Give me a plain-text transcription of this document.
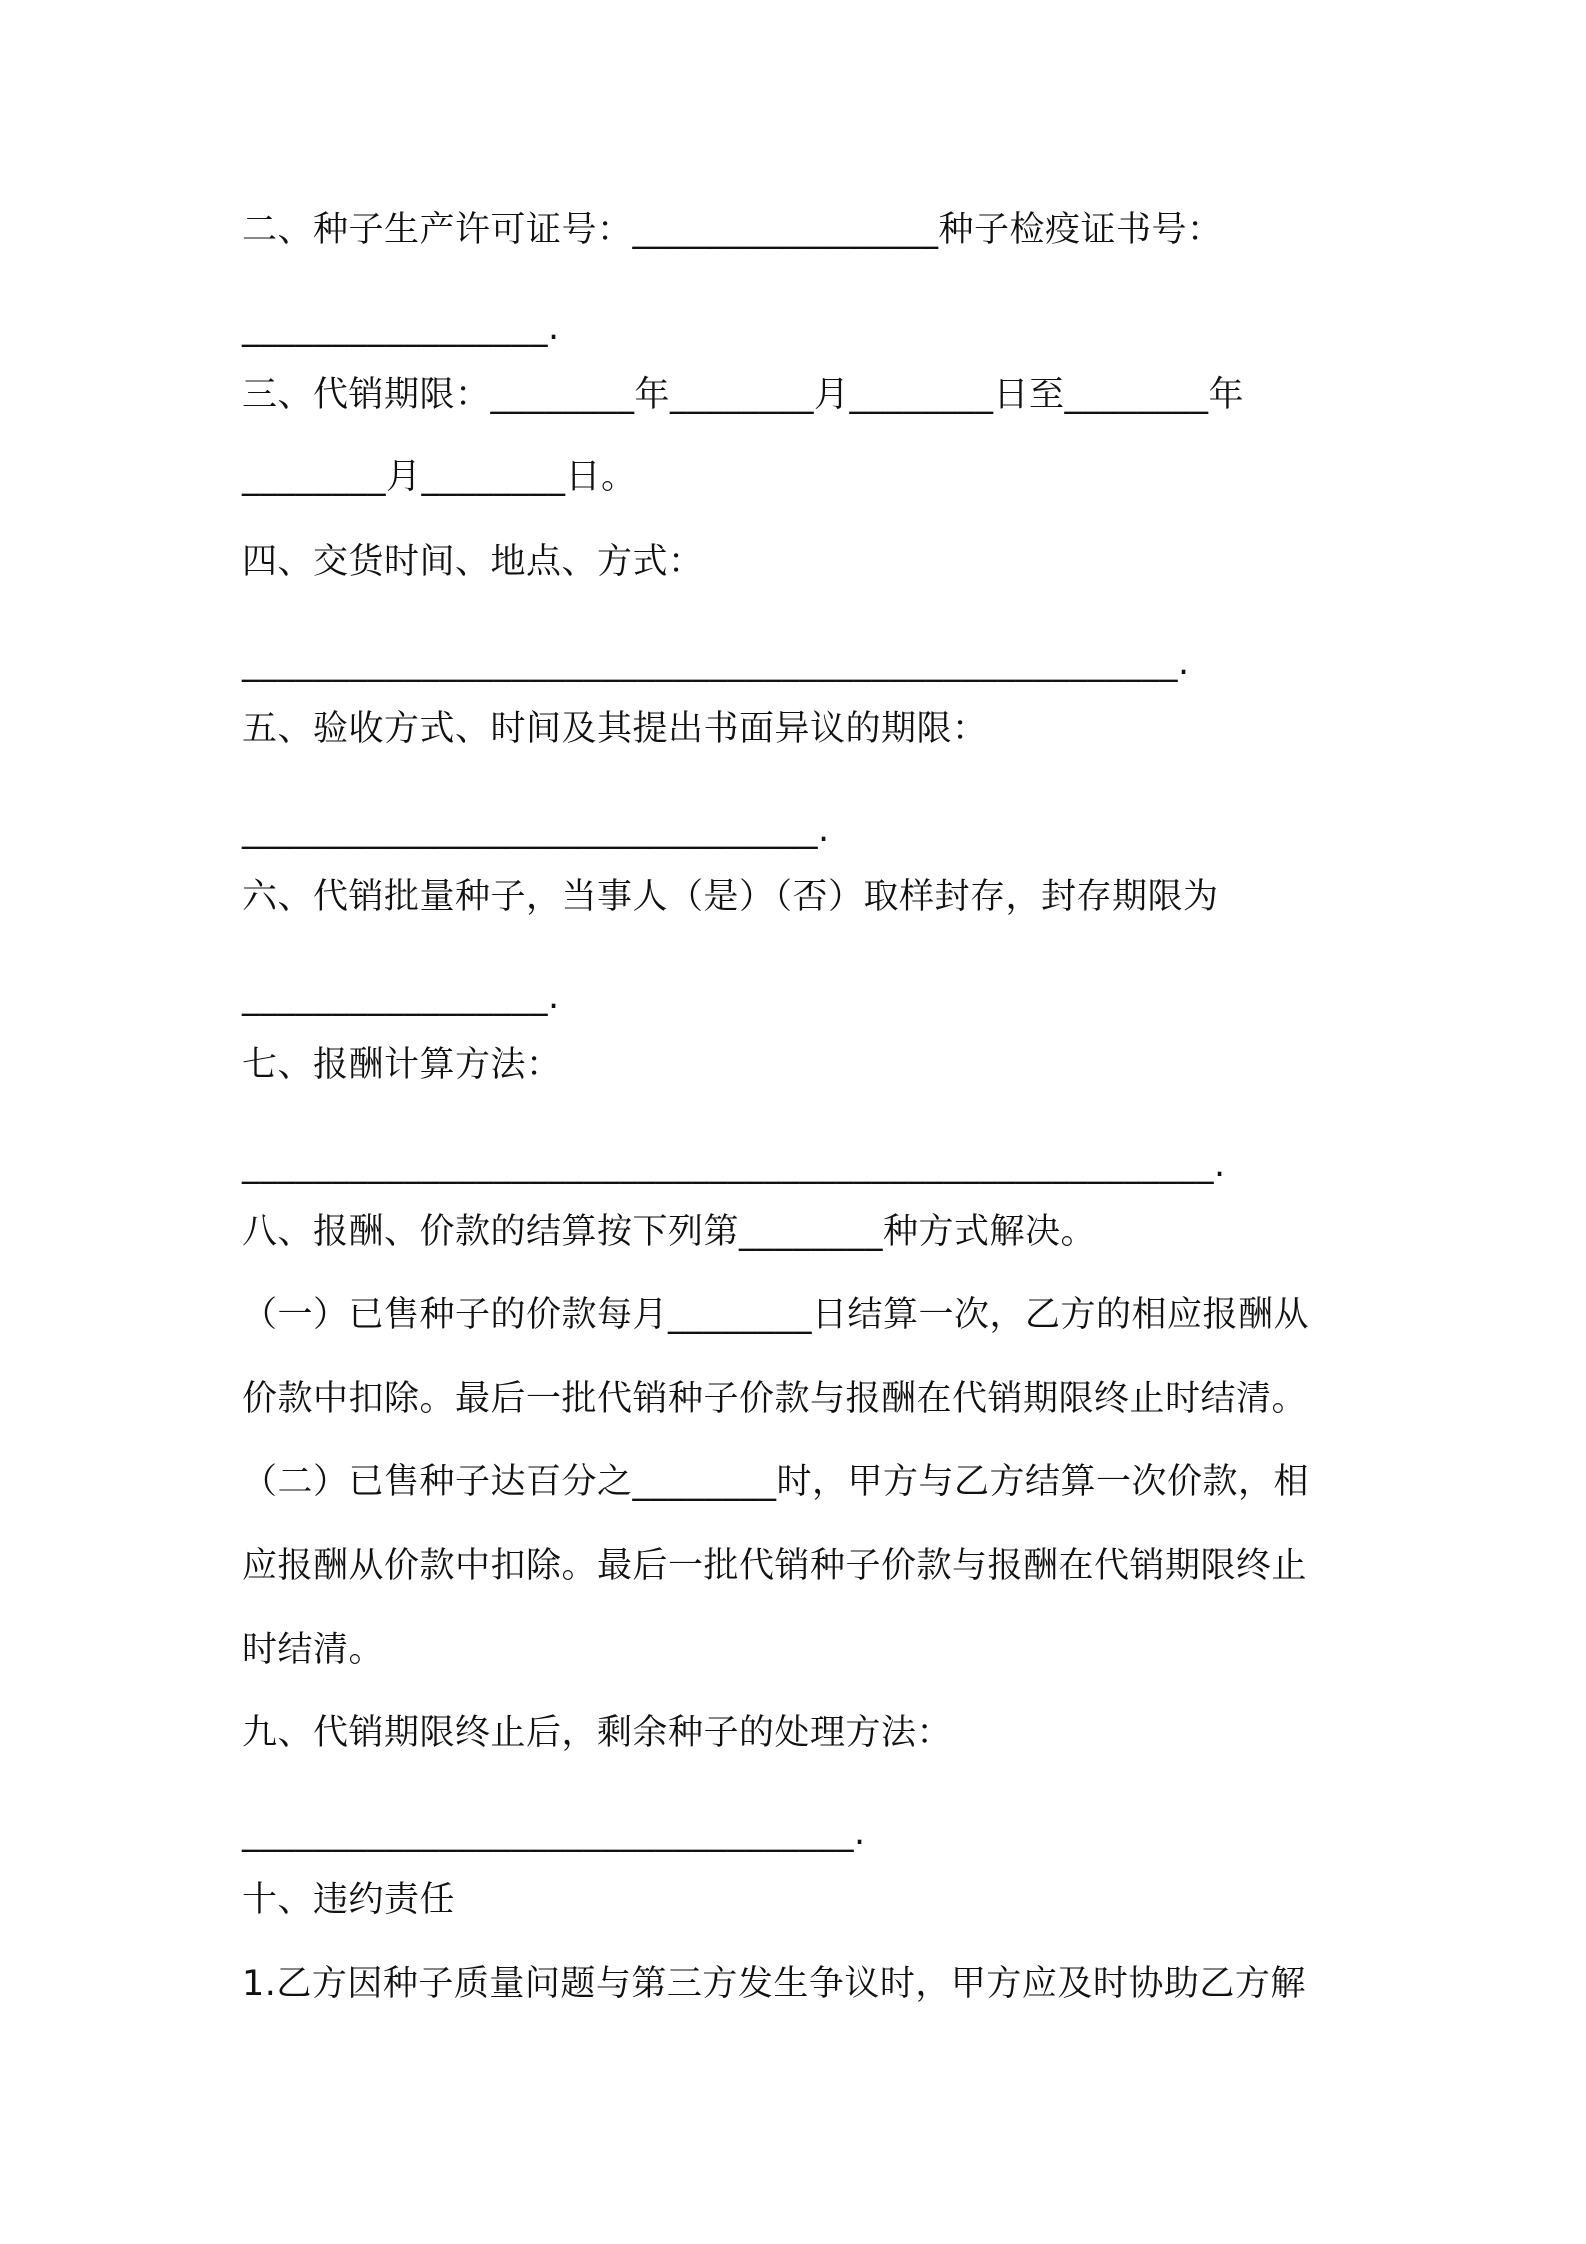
二、种子生产许可证号：_________________种子检疫证书号：
_________________.
三、代销期限：________年________月________日至________年
________月________日。
四、交货时间、地点、方式：
____________________________________________________.
五、验收方式、时间及其提出书面异议的期限：
________________________________.
六、代销批量种子，当事人（是）（否）取样封存，封存期限为
_________________.
七、报酬计算方法：
______________________________________________________.
八、报酬、价款的结算按下列第________种方式解决。
（一）已售种子的价款每月________日结算一次，乙方的相应报酬从
价款中扣除。最后一批代销种子价款与报酬在代销期限终止时结清。
（二）已售种子达百分之________时，甲方与乙方结算一次价款，相
应报酬从价款中扣除。最后一批代销种子价款与报酬在代销期限终止
时结清。
九、代销期限终止后，剩余种子的处理方法：
__________________________________.
十、违约责任
1.乙方因种子质量问题与第三方发生争议时，甲方应及时协助乙方解
